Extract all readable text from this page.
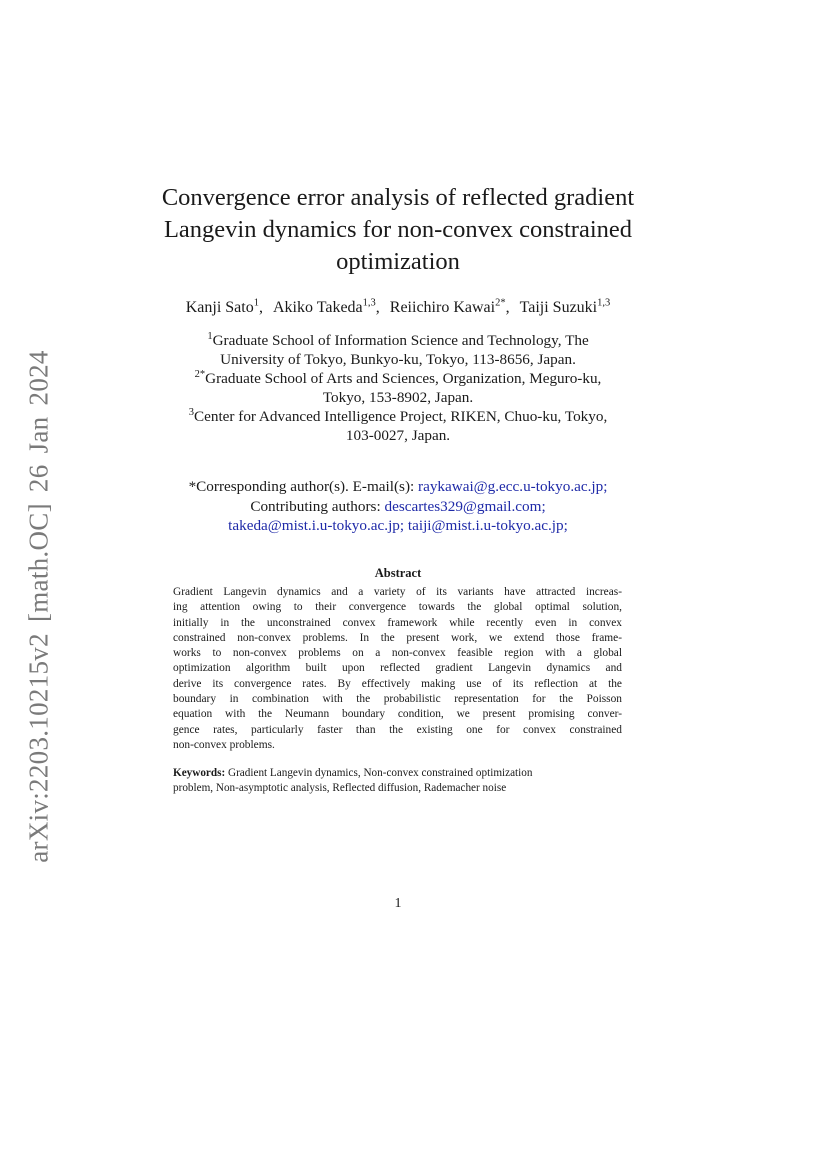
arXiv:2203.10215v2 [math.OC] 26 Jan 2024
Convergence error analysis of reflected gradient
Langevin dynamics for non-convex constrained
optimization
Kanji Sato$^1$, Akiko Takeda$^{1,3}$, Reiichiro Kawai$^{2*}$, Taiji Suzuki$^{1,3}$
$^1$Graduate School of Information Science and Technology, The
University of Tokyo, Bunkyo-ku, Tokyo, 113-8656, Japan.
$^{2*}$Graduate School of Arts and Sciences, Organization, Meguro-ku,
Tokyo, 153-8902, Japan.
$^3$Center for Advanced Intelligence Project, RIKEN, Chuo-ku, Tokyo,
103-0027, Japan.
*Corresponding author(s). E-mail(s): raykawai@g.ecc.u-tokyo.ac.jp;
Contributing authors: descartes329@gmail.com;
takeda@mist.i.u-tokyo.ac.jp; taiji@mist.i.u-tokyo.ac.jp;
Abstract
Gradient Langevin dynamics and a variety of its variants have attracted increas-
ing attention owing to their convergence towards the global optimal solution,
initially in the unconstrained convex framework while recently even in convex
constrained non-convex problems. In the present work, we extend those frame-
works to non-convex problems on a non-convex feasible region with a global
optimization algorithm built upon reflected gradient Langevin dynamics and
derive its convergence rates. By effectively making use of its reflection at the
boundary in combination with the probabilistic representation for the Poisson
equation with the Neumann boundary condition, we present promising conver-
gence rates, particularly faster than the existing one for convex constrained
non-convex problems.
Keywords: Gradient Langevin dynamics, Non-convex constrained optimization
problem, Non-asymptotic analysis, Reflected diffusion, Rademacher noise
1
